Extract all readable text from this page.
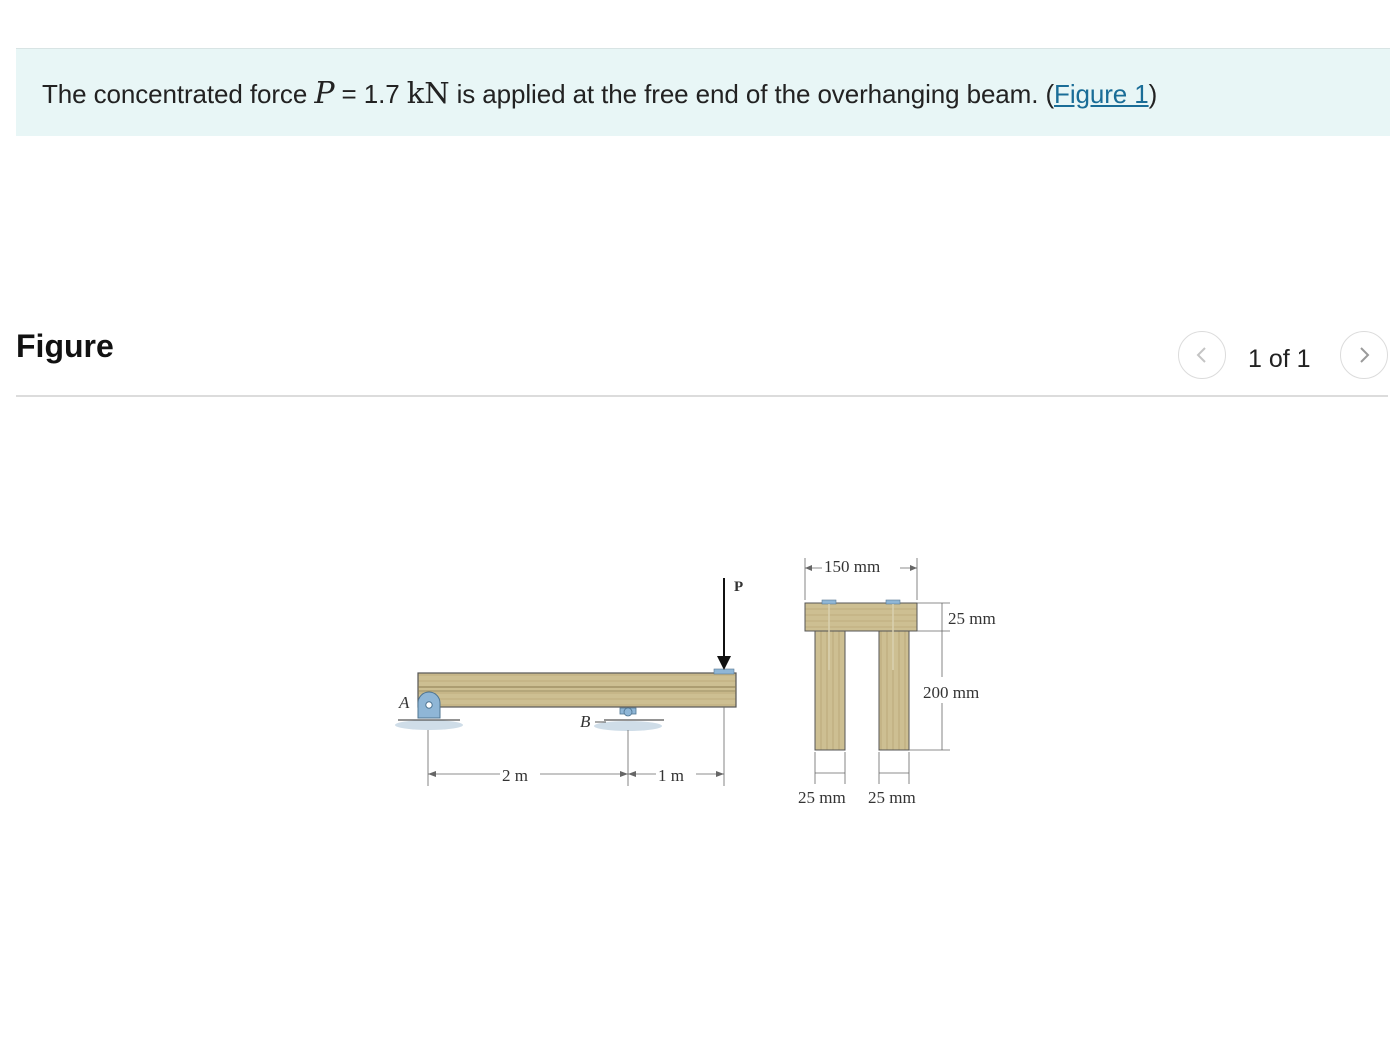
The concentrated force P = 1.7 kN is applied at the free end of the overhanging beam. (Figure 1)
Figure	1 of 1
A
B
P
2 m	1 m
150 mm
25 mm
200 mm
25 mm 25 mm
